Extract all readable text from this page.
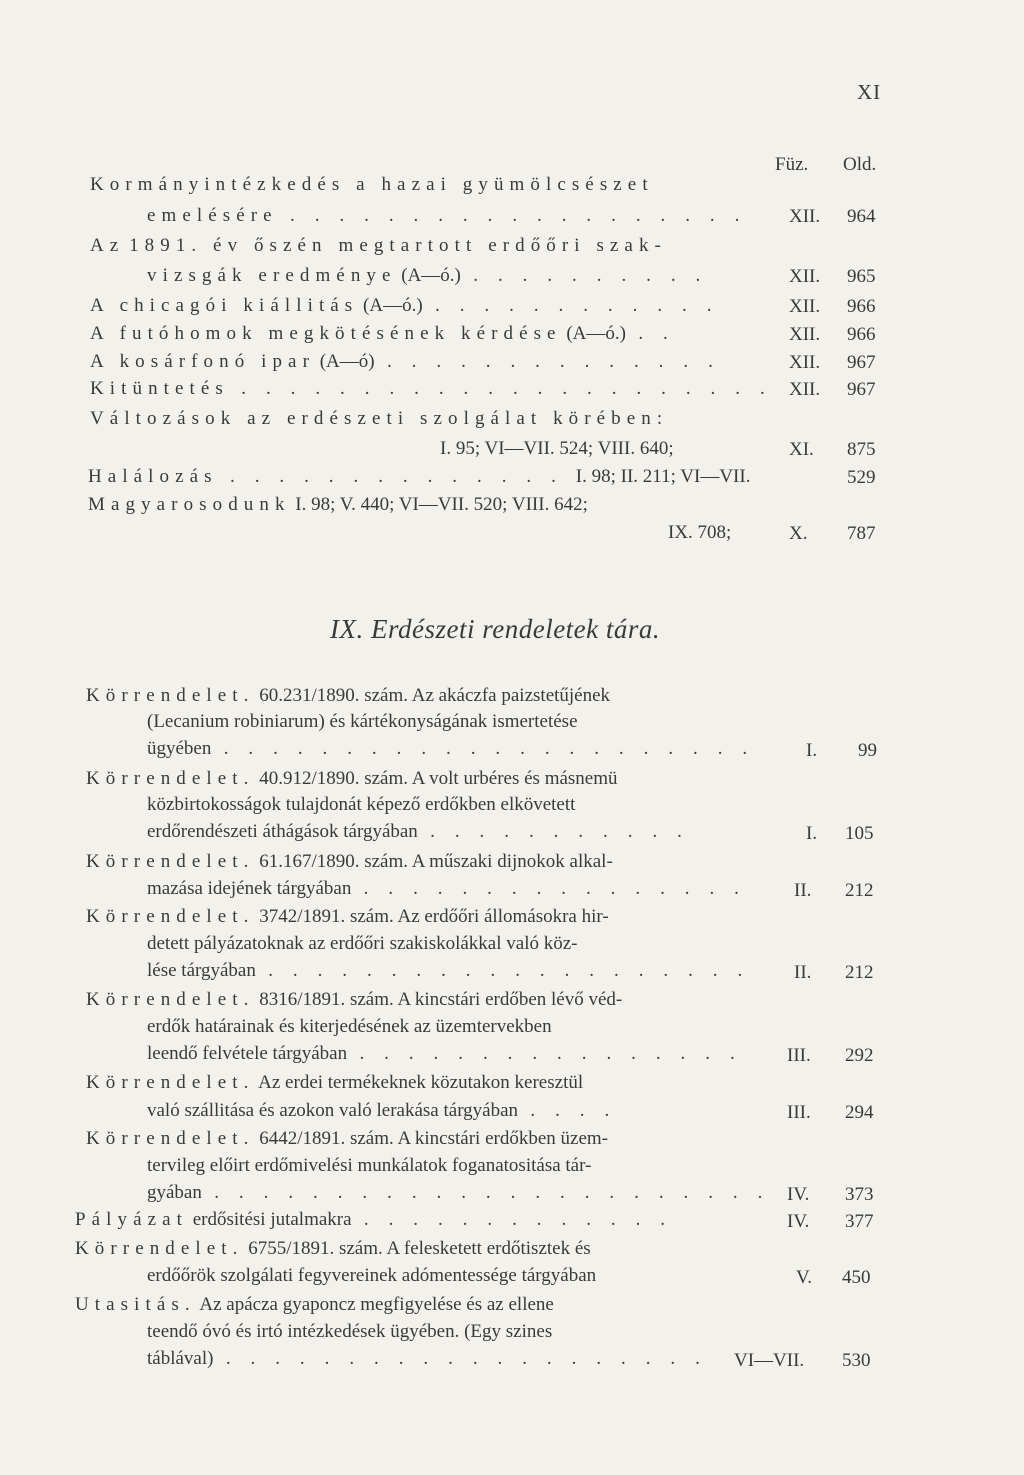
XI
Füz. Old.
Kormányintézkedés a hazai gyümölcsészet
emelésére . . . . . . . . . . . . . . . . . . . XII. 964
Az 1891. év őszén megtartott erdőőri szak-
vizsgák eredménye (A—ó.) . . . . . . . . . .	XII. 965
A chicagói kiállitás (A—ó.) . . . . . . . . . . . .	XII. 966
A futóhomok megkötésének kérdése (A—ó.) . .	XII. 966
A kosárfonó ipar (A—ó) . . . . . . . . . . . . . .	XII. 967
Kitüntetés . . . . . . . . . . . . . . . . . . . . . . XII. 967
Változások az erdészeti szolgálat körében:
I. 95; VI—VII. 524; VIII. 640;	XI. 875
Halálozás . . . . . . . . . . . . . . I. 98; II. 211; VI—VII.	529
Magyarosodunk I. 98; V. 440; VI—VII. 520; VIII. 642;
IX. 708;	X. 787
IX. Erdészeti rendeletek tára.
Körrendelet. 60.231/1890. szám. Az akáczfa paizstetűjének
(Lecanium robiniarum) és kártékonyságának ismertetése
ügyében . . . . . . . . . . . . . . . . . . . . . .	I. 99
Körrendelet. 40.912/1890. szám. A volt urbéres és másnemü
közbirtokosságok tulajdonát képező erdőkben elkövetett
erdőrendészeti áthágások tárgyában . . . . . . . . . . .	I. 105
Körrendelet. 61.167/1890. szám. A műszaki dijnokok alkal-
mazása idejének tárgyában . . . . . . . . . . . . . . . . II. 212
Körrendelet. 3742/1891. szám. Az erdőőri állomásokra hir-
detett pályázatoknak az erdőőri szakiskolákkal való köz-
lése tárgyában . . . . . . . . . . . . . . . . . . . . II. 212
Körrendelet. 8316/1891. szám. A kincstári erdőben lévő véd-
erdők határainak és kiterjedésének az üzemtervekben
leendő felvétele tárgyában . . . . . . . . . . . . . . . . III. 292
Körrendelet. Az erdei termékeknek közutakon keresztül
való szállitása és azokon való lerakása tárgyában . . . .	III. 294
Körrendelet. 6442/1891. szám. A kincstári erdőkben üzem-
tervileg előirt erdőmivelési munkálatok foganatositása tár-
gyában . . . . . . . . . . . . . . . . . . . . . . . IV. 373
Pályázat erdősitési jutalmakra . . . . . . . . . . . . .	IV. 377
Körrendelet. 6755/1891. szám. A felesketett erdőtisztek és
erdőőrök szolgálati fegyvereinek adómentessége tárgyában	V. 450
Utasitás. Az apácza gyaponcz megfigyelése és az ellene
teendő óvó és irtó intézkedések ügyében. (Egy szines
táblával) . . . . . . . . . . . . . . . . . . . . VI—VII. 530
